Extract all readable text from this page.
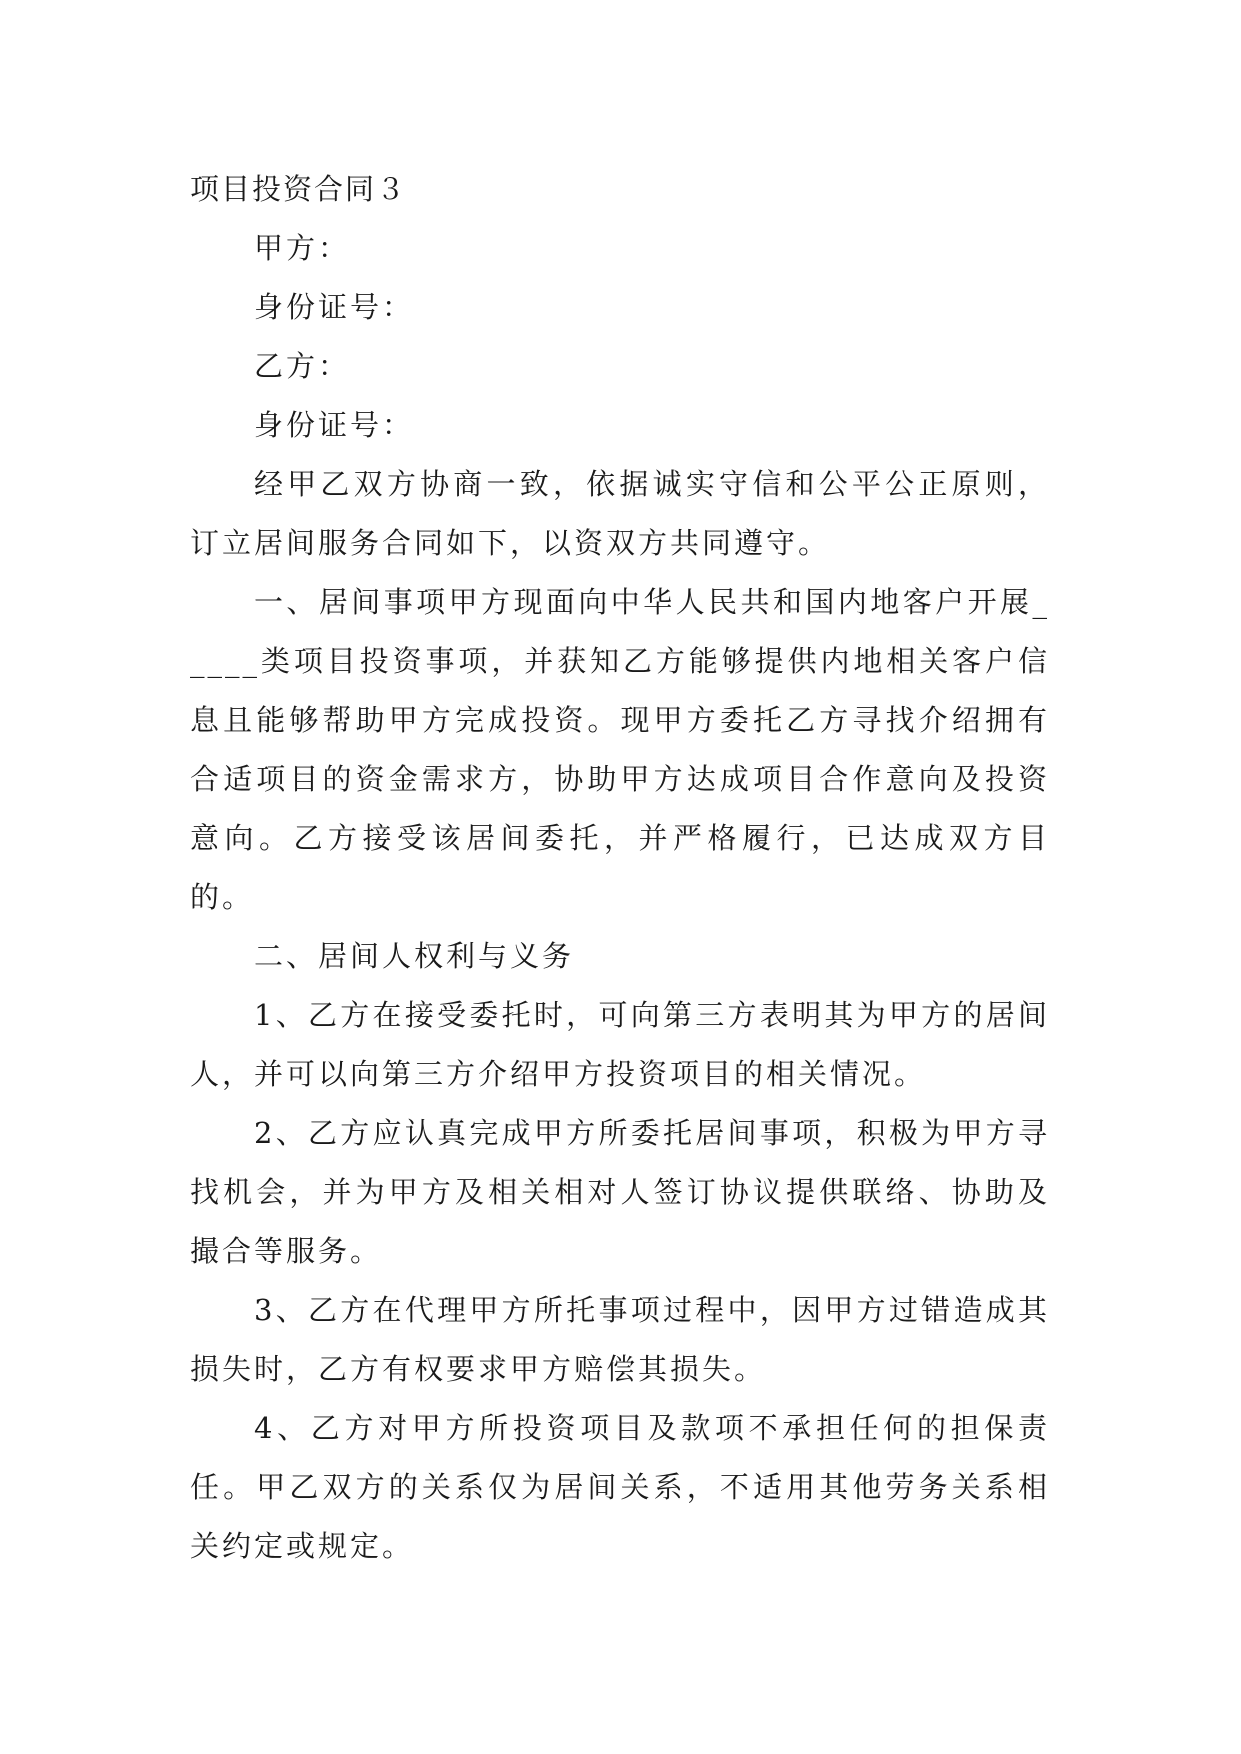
项目投资合同３

甲方：

身份证号：

乙方：

身份证号：

经甲乙双方协商一致，依据诚实守信和公平公正原则，订立居间服务合同如下，以资双方共同遵守。

一、居间事项甲方现面向中华人民共和国内地客户开展_____类项目投资事项，并获知乙方能够提供内地相关客户信息且能够帮助甲方完成投资。现甲方委托乙方寻找介绍拥有合适项目的资金需求方，协助甲方达成项目合作意向及投资意向。乙方接受该居间委托，并严格履行，已达成双方目的。

二、居间人权利与义务

1、乙方在接受委托时，可向第三方表明其为甲方的居间人，并可以向第三方介绍甲方投资项目的相关情况。

2、乙方应认真完成甲方所委托居间事项，积极为甲方寻找机会，并为甲方及相关相对人签订协议提供联络、协助及撮合等服务。

3、乙方在代理甲方所托事项过程中，因甲方过错造成其损失时，乙方有权要求甲方赔偿其损失。

4、乙方对甲方所投资项目及款项不承担任何的担保责任。甲乙双方的关系仅为居间关系，不适用其他劳务关系相关约定或规定。
